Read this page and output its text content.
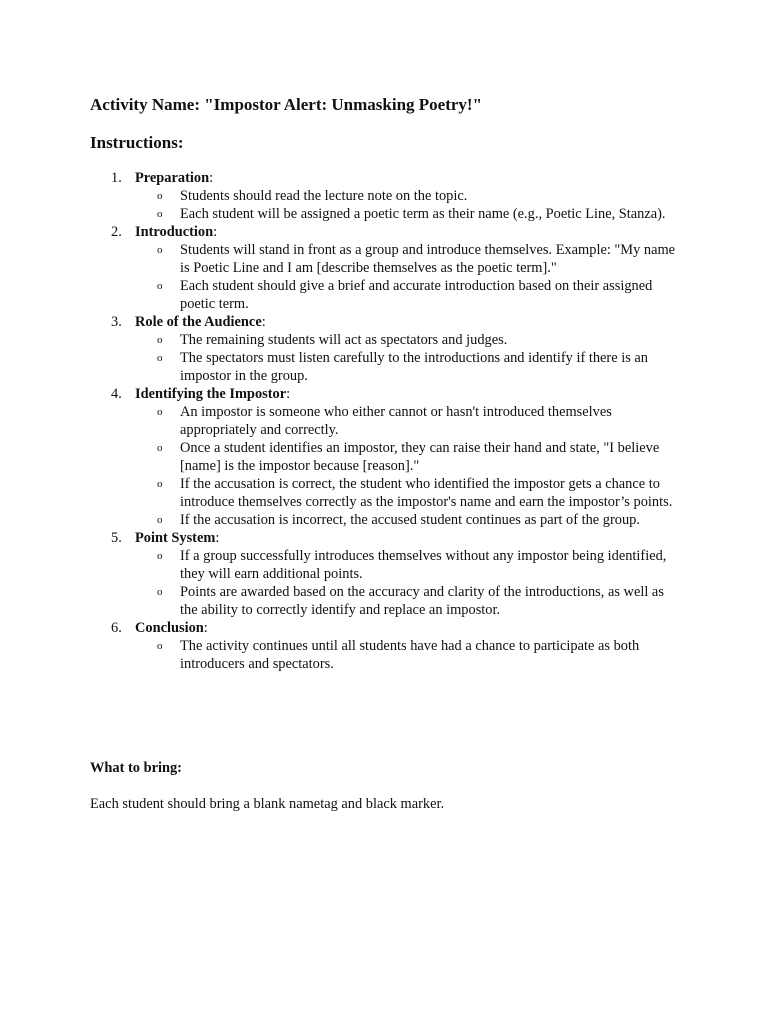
Activity Name: "Impostor Alert: Unmasking Poetry!"
Instructions:
1. Preparation:
o Students should read the lecture note on the topic.
o Each student will be assigned a poetic term as their name (e.g., Poetic Line, Stanza).
2. Introduction:
o Students will stand in front as a group and introduce themselves. Example: "My name is Poetic Line and I am [describe themselves as the poetic term]."
o Each student should give a brief and accurate introduction based on their assigned poetic term.
3. Role of the Audience:
o The remaining students will act as spectators and judges.
o The spectators must listen carefully to the introductions and identify if there is an impostor in the group.
4. Identifying the Impostor:
o An impostor is someone who either cannot or hasn't introduced themselves appropriately and correctly.
o Once a student identifies an impostor, they can raise their hand and state, "I believe [name] is the impostor because [reason]."
o If the accusation is correct, the student who identified the impostor gets a chance to introduce themselves correctly as the impostor's name and earn the impostor’s points.
o If the accusation is incorrect, the accused student continues as part of the group.
5. Point System:
o If a group successfully introduces themselves without any impostor being identified, they will earn additional points.
o Points are awarded based on the accuracy and clarity of the introductions, as well as the ability to correctly identify and replace an impostor.
6. Conclusion:
o The activity continues until all students have had a chance to participate as both introducers and spectators.
What to bring:

Each student should bring a blank nametag and black marker.
